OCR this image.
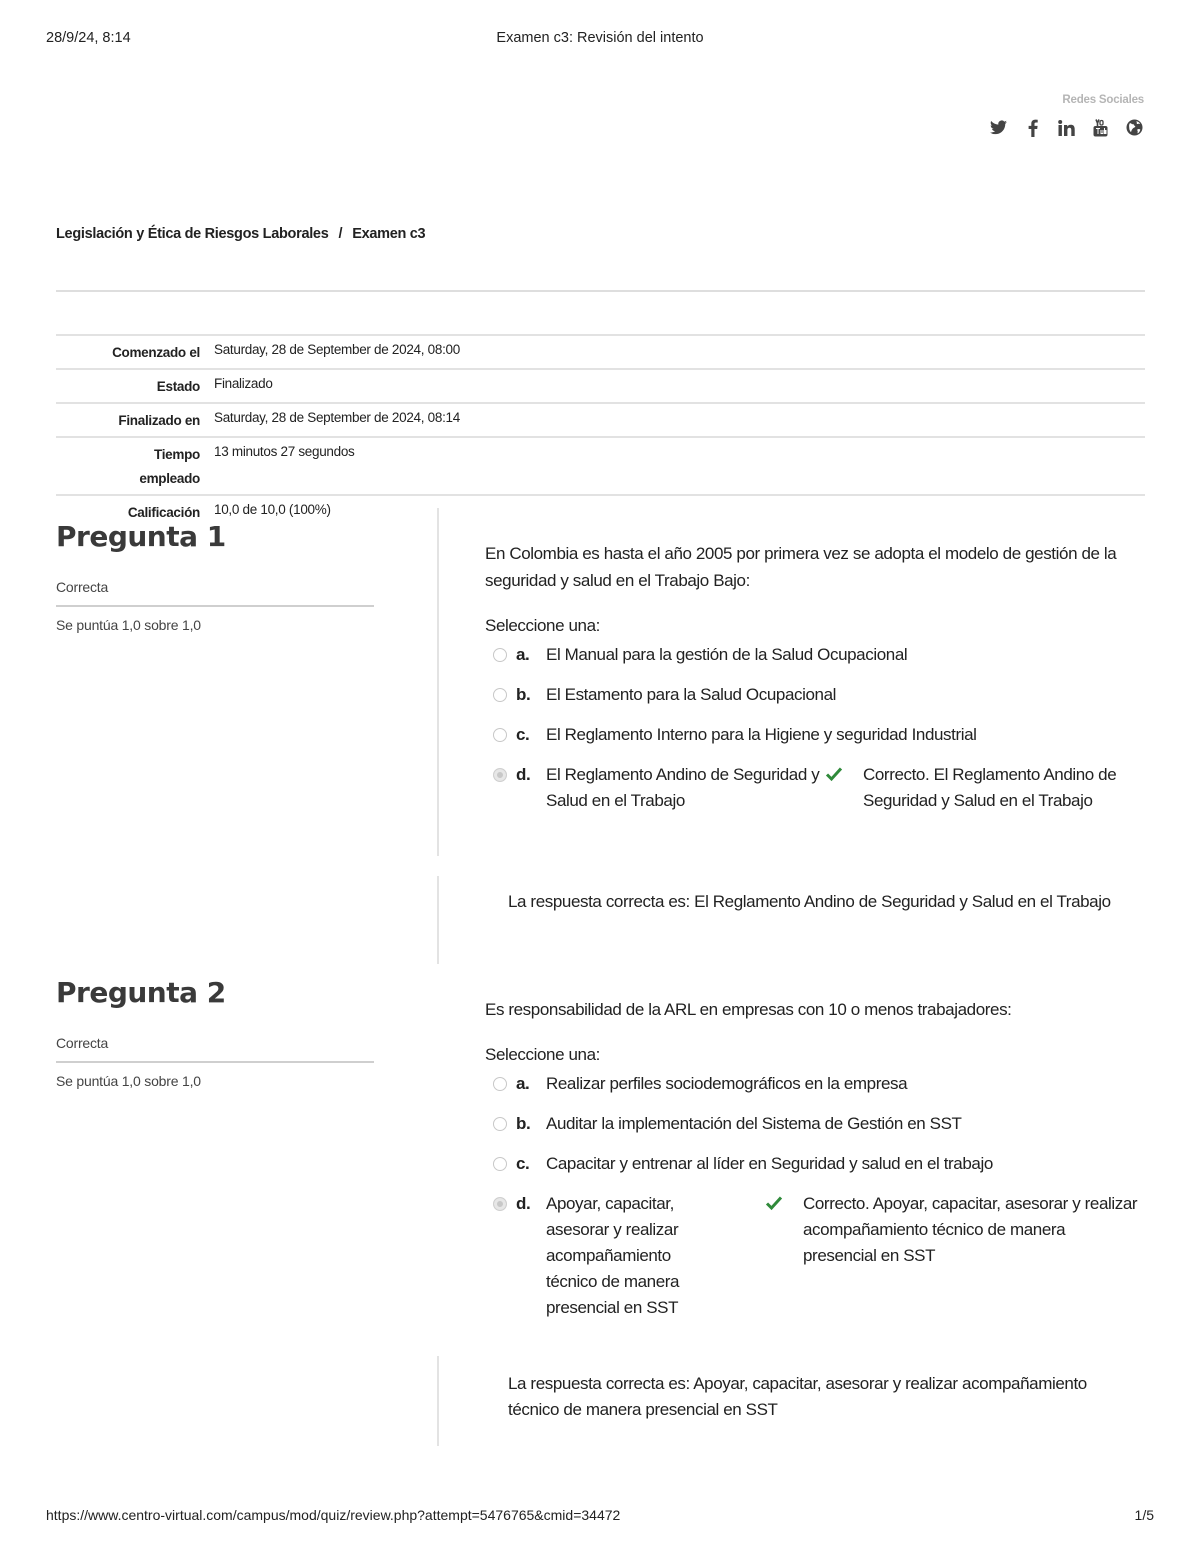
28/9/24, 8:14	Examen c3: Revisión del intento
Redes Sociales
Legislación y Ética de Riesgos Laborales / Examen c3
Comenzado el	Saturday, 28 de September de 2024, 08:00
Estado	Finalizado
Finalizado en	Saturday, 28 de September de 2024, 08:14
Tiempo empleado	13 minutos 27 segundos
Calificación	10,0 de 10,0 (100%)
Pregunta 1
Correcta
Se puntúa 1,0 sobre 1,0
En Colombia es hasta el año 2005 por primera vez se adopta el modelo de gestión de la seguridad y salud en el Trabajo Bajo:
Seleccione una:
a. El Manual para la gestión de la Salud Ocupacional
b. El Estamento para la Salud Ocupacional
c. El Reglamento Interno para la Higiene y seguridad Industrial
d. El Reglamento Andino de Seguridad y Salud en el Trabajo
Correcto. El Reglamento Andino de Seguridad y Salud en el Trabajo
La respuesta correcta es: El Reglamento Andino de Seguridad y Salud en el Trabajo
Pregunta 2
Correcta
Se puntúa 1,0 sobre 1,0
Es responsabilidad de la ARL en empresas con 10 o menos trabajadores:
Seleccione una:
a. Realizar perfiles sociodemográficos en la empresa
b. Auditar la implementación del Sistema de Gestión en SST
c. Capacitar y entrenar al líder en Seguridad y salud en el trabajo
d. Apoyar, capacitar, asesorar y realizar acompañamiento técnico de manera presencial en SST
Correcto. Apoyar, capacitar, asesorar y realizar acompañamiento técnico de manera presencial en SST
La respuesta correcta es: Apoyar, capacitar, asesorar y realizar acompañamiento técnico de manera presencial en SST
https://www.centro-virtual.com/campus/mod/quiz/review.php?attempt=5476765&cmid=34472	1/5
